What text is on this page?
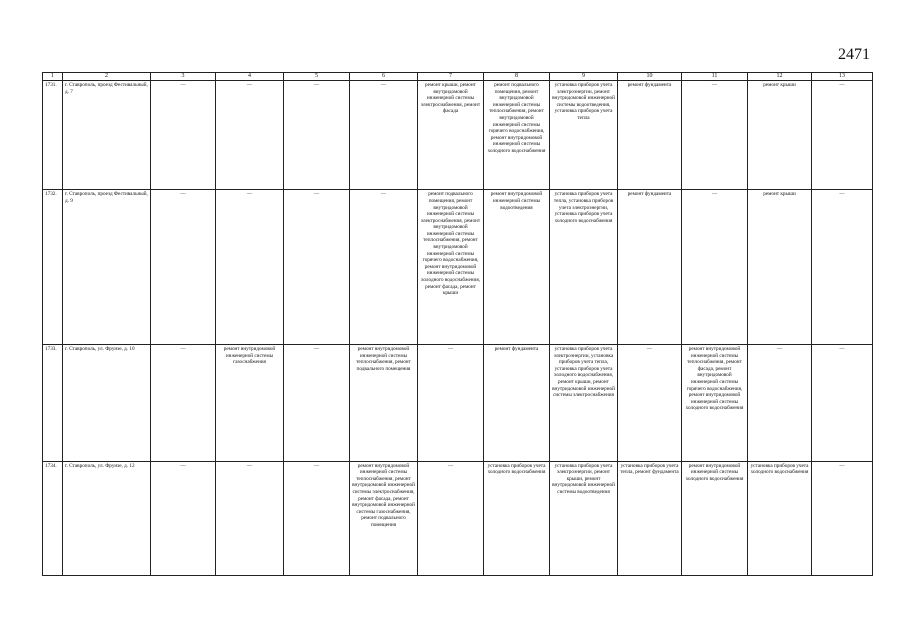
2471
1	2	3	4	5	6	7	8	9	10	11	12	13
1731.	г. Ставрополь, проезд Фестивальный, д. 7	—	—	—	—	ремонт крыши, ремонт внутридомовой инженерной системы электроснабжения, ремонт фасада	ремонт подвального помещения, ремонт внутридомовой инженерной системы теплоснабжения, ремонт внутридомовой инженерной системы горячего водоснабжения, ремонт внутридомовой инженерной системы холодного водоснабжения	установка приборов учета электроэнергии, ремонт внутридомовой инженерной системы водоотведения, установка приборов учета тепла	ремонт фундамента	—	ремонт крыши	—
1732.	г. Ставрополь, проезд Фестивальный, д. 9	—	—	—	—	ремонт подвального помещения, ремонт внутридомовой инженерной системы электроснабжения, ремонт внутридомовой инженерной системы теплоснабжения, ремонт внутридомовой инженерной системы горячего водоснабжения, ремонт внутридомовой инженерной системы холодного водоснабжения, ремонт фасада, ремонт крыши	ремонт внутридомовой инженерной системы водоотведения	установка приборов учета тепла, установка приборов учета электроэнергии, установка приборов учета холодного водоснабжения	ремонт фундамента	—	ремонт крыши	—
1733.	г. Ставрополь, ул. Фрунзе, д. 10	—	ремонт внутридомовой инженерной системы газоснабжения	—	ремонт внутридомовой инженерной системы теплоснабжения, ремонт подвального помещения	—	ремонт фундамента	установка приборов учета электроэнергии, установка приборов учета тепла, установка приборов учета холодного водоснабжения, ремонт крыши, ремонт внутридомовой инженерной системы электроснабжения	—	ремонт внутридомовой инженерной системы теплоснабжения, ремонт фасада, ремонт внутридомовой инженерной системы горячего водоснабжения, ремонт внутридомовой инженерной системы холодного водоснабжения	—	—
1734.	г. Ставрополь, ул. Фрунзе, д. 12	—	—	—	ремонт внутридомовой инженерной системы теплоснабжения, ремонт внутридомовой инженерной системы электроснабжения, ремонт фасада, ремонт внутридомовой инженерной системы газоснабжения, ремонт подвального помещения	—	установка приборов учета холодного водоснабжения	установка приборов учета электроэнергии, ремонт крыши, ремонт внутридомовой инженерной системы водоотведения	установка приборов учета тепла, ремонт фундамента	ремонт внутридомовой инженерной системы холодного водоснабжения	установка приборов учета холодного водоснабжения	—
